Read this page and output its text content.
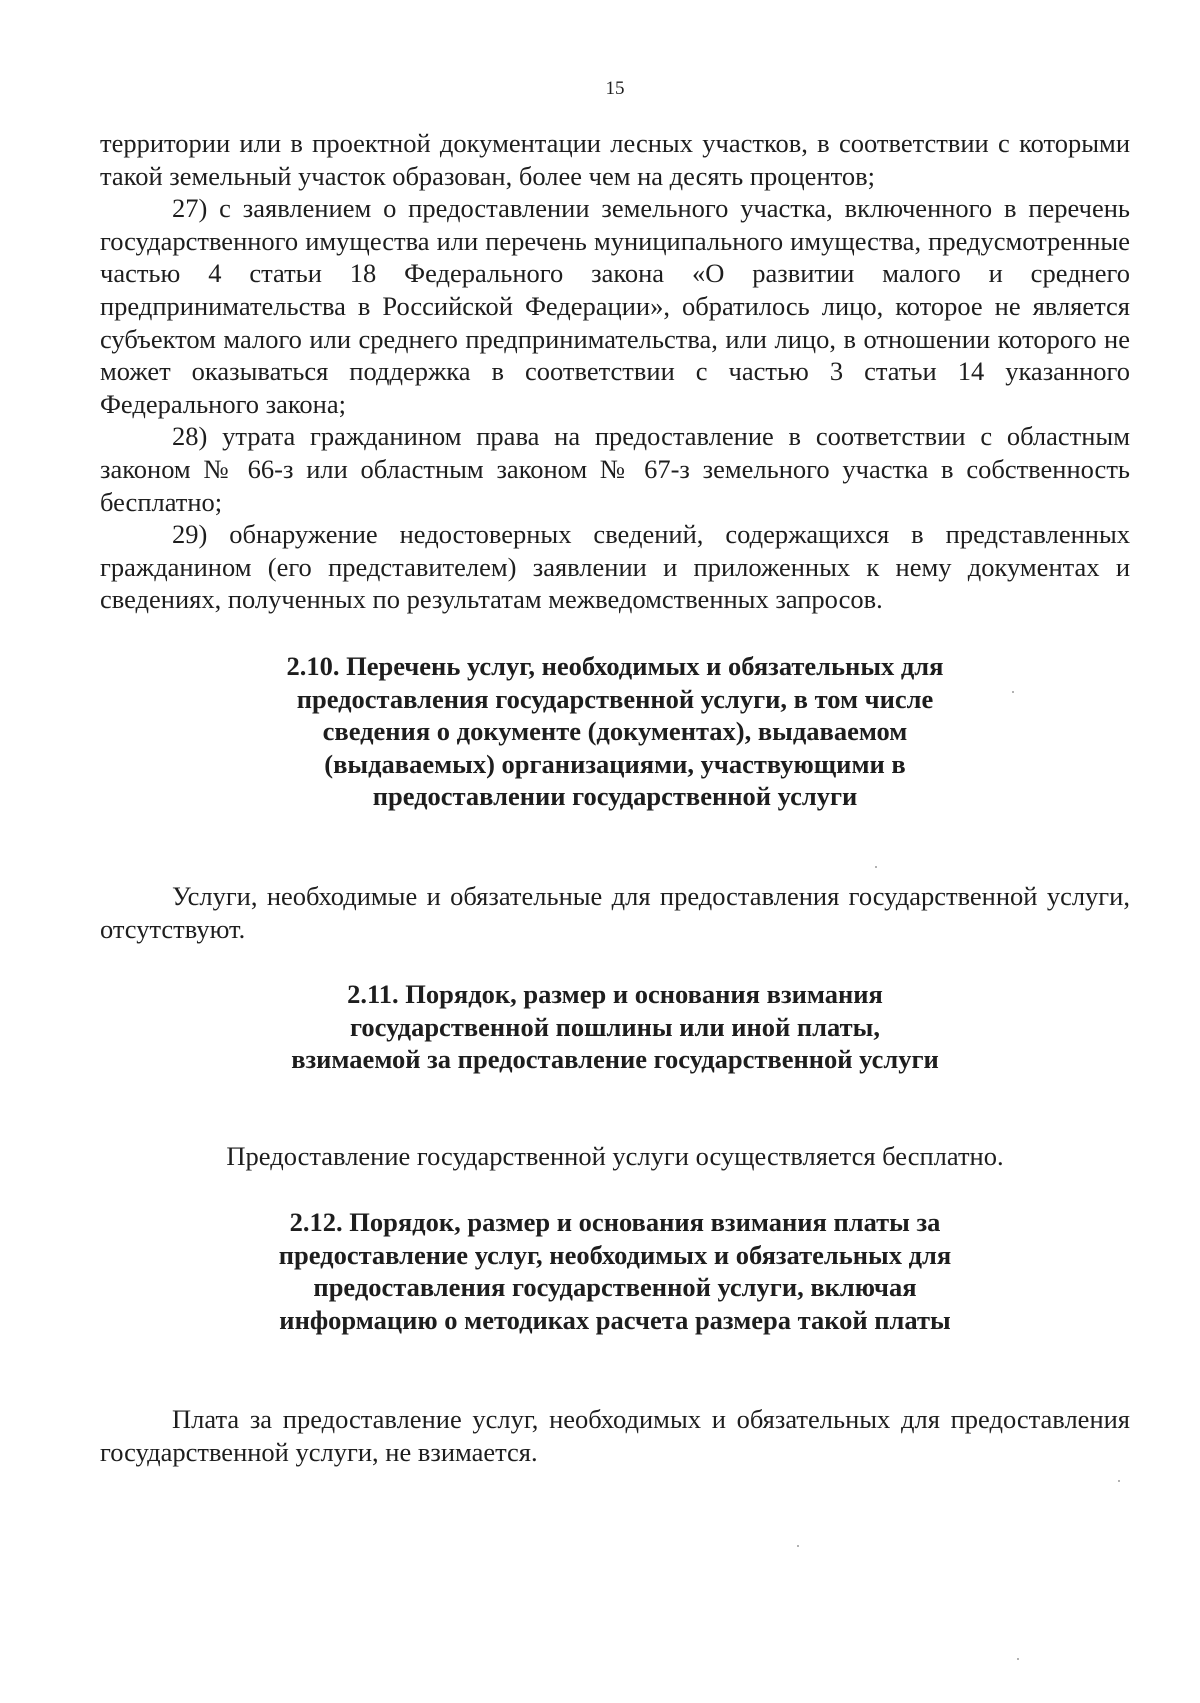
15

территории или в проектной документации лесных участков, в соответствии с которыми такой земельный участок образован, более чем на десять процентов;

27) с заявлением о предоставлении земельного участка, включенного в перечень государственного имущества или перечень муниципального имущества, предусмотренные частью 4 статьи 18 Федерального закона «О развитии малого и среднего предпринимательства в Российской Федерации», обратилось лицо, которое не является субъектом малого или среднего предпринимательства, или лицо, в отношении которого не может оказываться поддержка в соответствии с частью 3 статьи 14 указанного Федерального закона;

28) утрата гражданином права на предоставление в соответствии с областным законом № 66-з или областным законом № 67-з земельного участка в собственность бесплатно;

29) обнаружение недостоверных сведений, содержащихся в представленных гражданином (его представителем) заявлении и приложенных к нему документах и сведениях, полученных по результатам межведомственных запросов.

2.10. Перечень услуг, необходимых и обязательных для предоставления государственной услуги, в том числе сведения о документе (документах), выдаваемом (выдаваемых) организациями, участвующими в предоставлении государственной услуги

Услуги, необходимые и обязательные для предоставления государственной услуги, отсутствуют.

2.11. Порядок, размер и основания взимания государственной пошлины или иной платы, взимаемой за предоставление государственной услуги

Предоставление государственной услуги осуществляется бесплатно.

2.12. Порядок, размер и основания взимания платы за предоставление услуг, необходимых и обязательных для предоставления государственной услуги, включая информацию о методиках расчета размера такой платы

Плата за предоставление услуг, необходимых и обязательных для предоставления государственной услуги, не взимается.
